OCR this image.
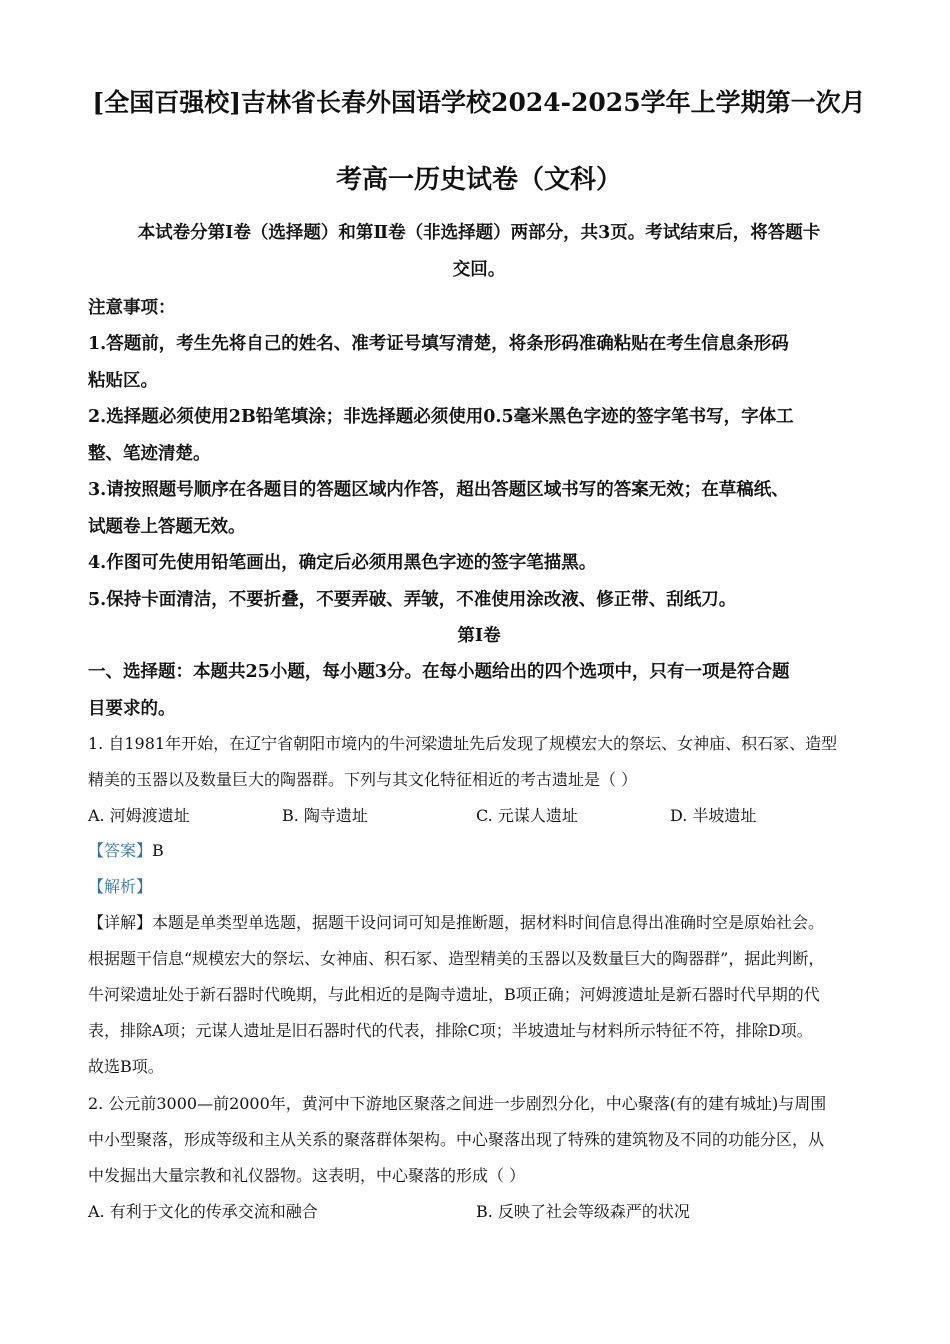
[全国百强校]吉林省长春外国语学校2024-2025学年上学期第一次月
考高一历史试卷（文科）
本试卷分第Ⅰ卷（选择题）和第Ⅱ卷（非选择题）两部分，共3页。考试结束后，将答题卡
交回。
注意事项：
1.答题前，考生先将自己的姓名、准考证号填写清楚，将条形码准确粘贴在考生信息条形码
粘贴区。
2.选择题必须使用2B铅笔填涂；非选择题必须使用0.5毫米黑色字迹的签字笔书写，字体工
整、笔迹清楚。
3.请按照题号顺序在各题目的答题区域内作答，超出答题区域书写的答案无效；在草稿纸、
试题卷上答题无效。
4.作图可先使用铅笔画出，确定后必须用黑色字迹的签字笔描黑。
5.保持卡面清洁，不要折叠，不要弄破、弄皱，不准使用涂改液、修正带、刮纸刀。
第Ⅰ卷
一、选择题：本题共25小题，每小题3分。在每小题给出的四个选项中，只有一项是符合题
目要求的。
1. 自1981年开始，在辽宁省朝阳市境内的牛河梁遗址先后发现了规模宏大的祭坛、女神庙、积石冢、造型
精美的玉器以及数量巨大的陶器群。下列与其文化特征相近的考古遗址是（ ）
A. 河姆渡遗址	B. 陶寺遗址	C. 元谋人遗址	D. 半坡遗址
【答案】B
【解析】
【详解】本题是单类型单选题，据题干设问词可知是推断题，据材料时间信息得出准确时空是原始社会。
根据题干信息“规模宏大的祭坛、女神庙、积石冢、造型精美的玉器以及数量巨大的陶器群”，据此判断，
牛河梁遗址处于新石器时代晚期，与此相近的是陶寺遗址，B项正确；河姆渡遗址是新石器时代早期的代
表，排除A项；元谋人遗址是旧石器时代的代表，排除C项；半坡遗址与材料所示特征不符，排除D项。
故选B项。
2. 公元前3000—前2000年，黄河中下游地区聚落之间进一步剧烈分化，中心聚落(有的建有城址)与周围
中小型聚落，形成等级和主从关系的聚落群体架构。中心聚落出现了特殊的建筑物及不同的功能分区，从
中发掘出大量宗教和礼仪器物。这表明，中心聚落的形成（ ）
A. 有利于文化的传承交流和融合	B. 反映了社会等级森严的状况
